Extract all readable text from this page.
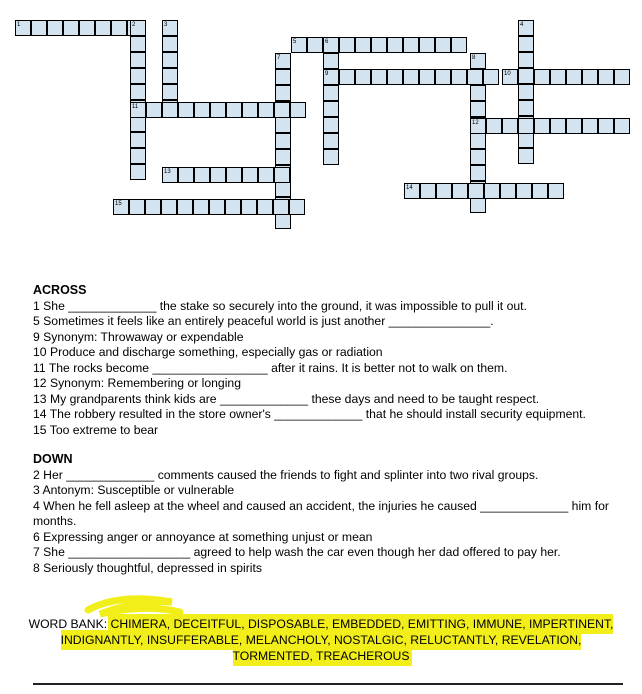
1	2	3	4
5	6
9
7	8
10
11
12
13
14
15
ACROSS

1 She _____________ the stake so securely into the ground, it was impossible to pull it out.

5 Sometimes it feels like an entirely peaceful world is just another _______________.

9 Synonym: Throwaway or expendable

10 Produce and discharge something, especially gas or radiation

11 The rocks become _________________ after it rains. It is better not to walk on them.

12 Synonym: Remembering or longing

13 My grandparents think kids are _____________ these days and need to be taught respect.

14 The robbery resulted in the store owner's _____________ that he should install security equipment.

15 Too extreme to bear

DOWN

2 Her _____________ comments caused the friends to fight and splinter into two rival groups.

3 Antonym: Susceptible or vulnerable

4 When he fell asleep at the wheel and caused an accident, the injuries he caused _____________ him for months.

6 Expressing anger or annoyance at something unjust or mean

7 She __________________ agreed to help wash the car even though her dad offered to pay her.

8 Seriously thoughtful, depressed in spirits

WORD BANK: CHIMERA, DECEITFUL, DISPOSABLE, EMBEDDED, EMITTING, IMMUNE, IMPERTINENT, INDIGNANTLY, INSUFFERABLE, MELANCHOLY, NOSTALGIC, RELUCTANTLY, REVELATION, TORMENTED, TREACHEROUS
